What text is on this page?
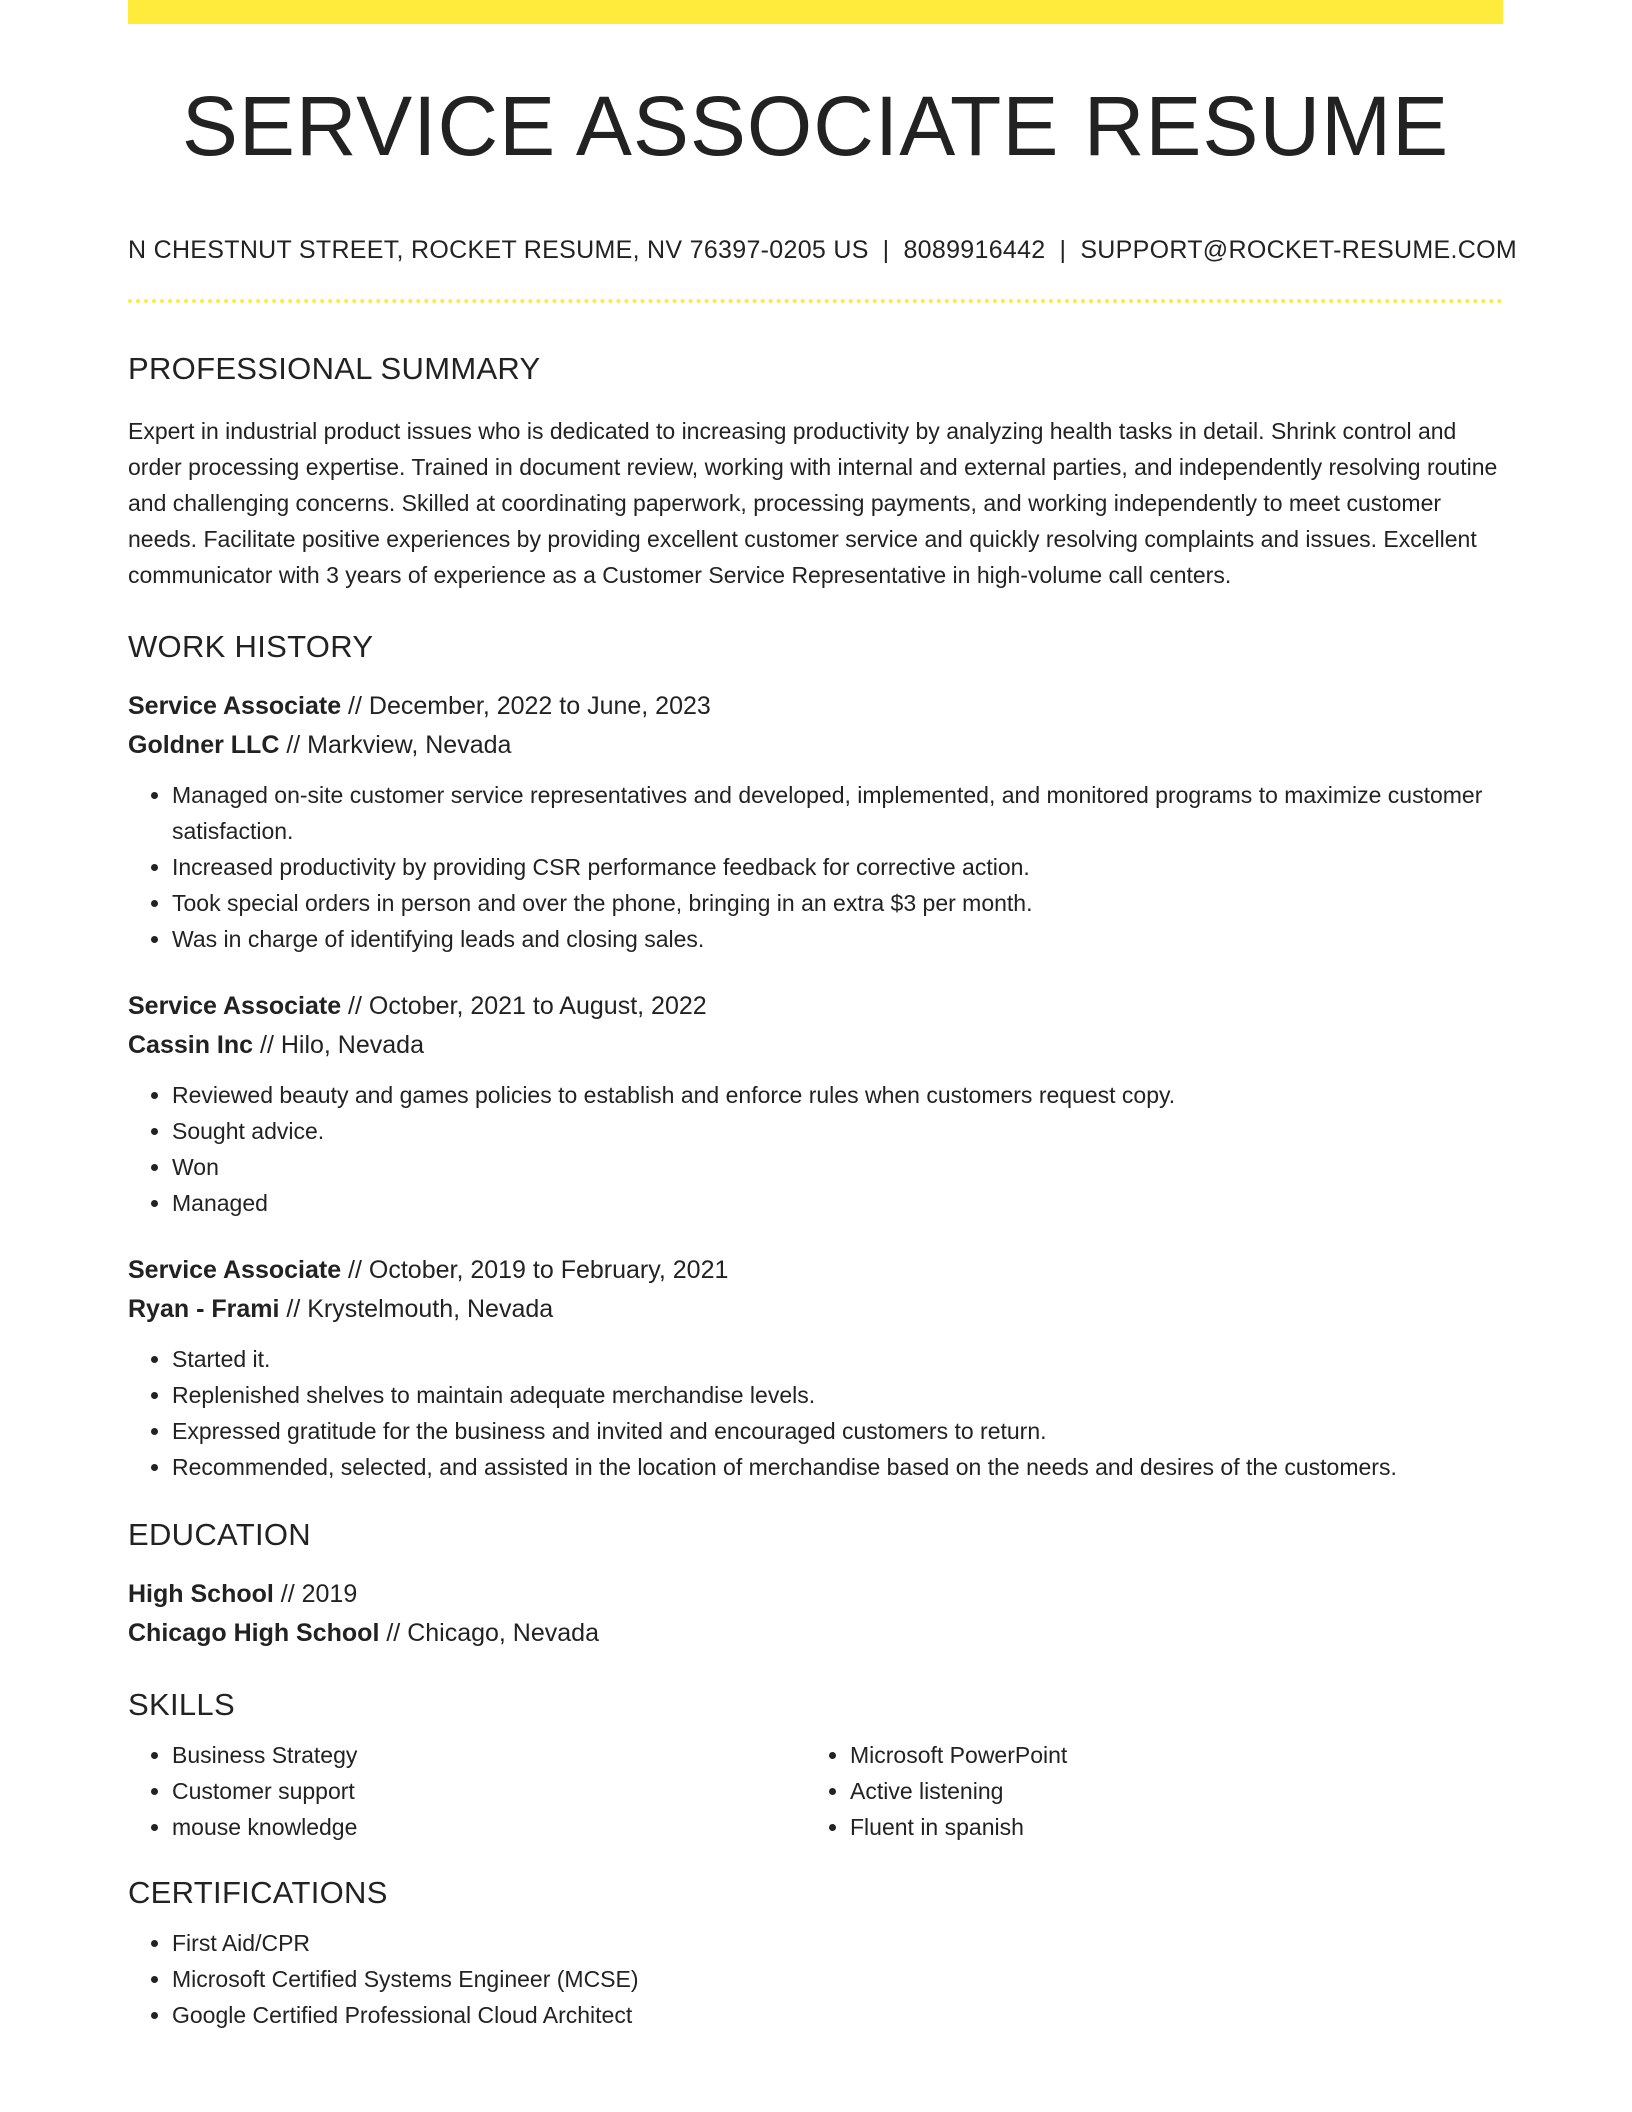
SERVICE ASSOCIATE RESUME
N CHESTNUT STREET, ROCKET RESUME, NV 76397-0205 US | 8089916442 | SUPPORT@ROCKET-RESUME.COM
PROFESSIONAL SUMMARY

Expert in industrial product issues who is dedicated to increasing productivity by analyzing health tasks in detail. Shrink control and order processing expertise. Trained in document review, working with internal and external parties, and independently resolving routine and challenging concerns. Skilled at coordinating paperwork, processing payments, and working independently to meet customer needs. Facilitate positive experiences by providing excellent customer service and quickly resolving complaints and issues. Excellent communicator with 3 years of experience as a Customer Service Representative in high-volume call centers.

WORK HISTORY
Service Associate // December, 2022 to June, 2023
Goldner LLC // Markview, Nevada
• Managed on-site customer service representatives and developed, implemented, and monitored programs to maximize customer satisfaction.
• Increased productivity by providing CSR performance feedback for corrective action.
• Took special orders in person and over the phone, bringing in an extra $3 per month.
• Was in charge of identifying leads and closing sales.
Service Associate // October, 2021 to August, 2022
Cassin Inc // Hilo, Nevada
• Reviewed beauty and games policies to establish and enforce rules when customers request copy.
• Sought advice.
• Won
• Managed
Service Associate // October, 2019 to February, 2021
Ryan - Frami // Krystelmouth, Nevada
• Started it.
• Replenished shelves to maintain adequate merchandise levels.
• Expressed gratitude for the business and invited and encouraged customers to return.
• Recommended, selected, and assisted in the location of merchandise based on the needs and desires of the customers.
EDUCATION
High School // 2019
Chicago High School // Chicago, Nevada
SKILLS
• Business Strategy
• Customer support
• mouse knowledge
• Microsoft PowerPoint
• Active listening
• Fluent in spanish
CERTIFICATIONS
• First Aid/CPR
• Microsoft Certified Systems Engineer (MCSE)
• Google Certified Professional Cloud Architect
